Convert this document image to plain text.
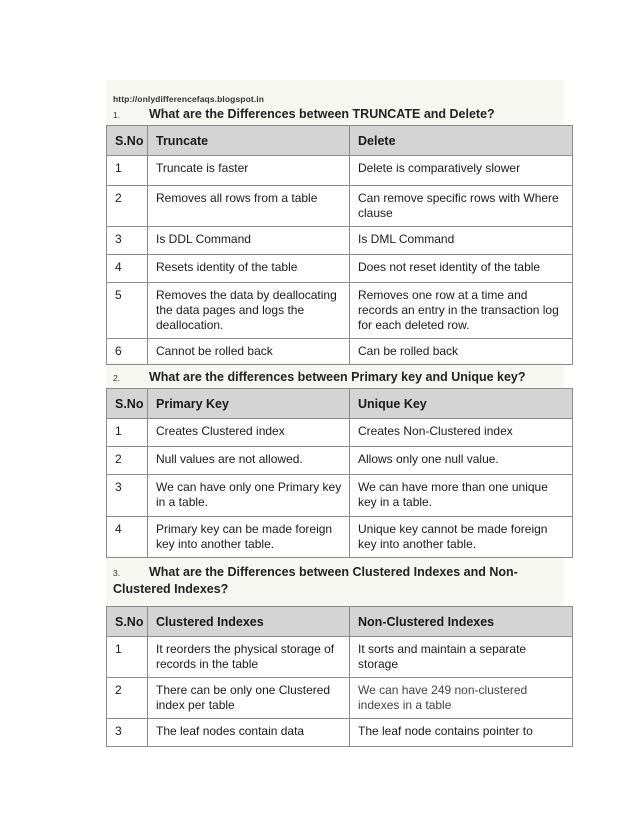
http://onlydifferencefaqs.blogspot.in
1. What are the Differences between TRUNCATE and Delete?
S.No	Truncate	Delete
1	Truncate is faster	Delete is comparatively slower
2	Removes all rows from a table	Can remove specific rows with Where clause
3	Is DDL Command	Is DML Command
4	Resets identity of the table	Does not reset identity of the table
5	Removes the data by deallocating the data pages and logs the deallocation.	Removes one row at a time and records an entry in the transaction log for each deleted row.
6	Cannot be rolled back	Can be rolled back
2. What are the differences between Primary key and Unique key?
S.No	Primary Key	Unique Key
1	Creates Clustered index	Creates Non-Clustered index
2	Null values are not allowed.	Allows only one null value.
3	We can have only one Primary key in a table.	We can have more than one unique key in a table.
4	Primary key can be made foreign key into another table.	Unique key cannot be made foreign key into another table.
3. What are the Differences between Clustered Indexes and Non-
Clustered Indexes?
S.No	Clustered Indexes	Non-Clustered Indexes
1	It reorders the physical storage of records in the table	It sorts and maintain a separate storage
2	There can be only one Clustered index per table	We can have 249 non-clustered indexes in a table
3	The leaf nodes contain data	The leaf node contains pointer to
